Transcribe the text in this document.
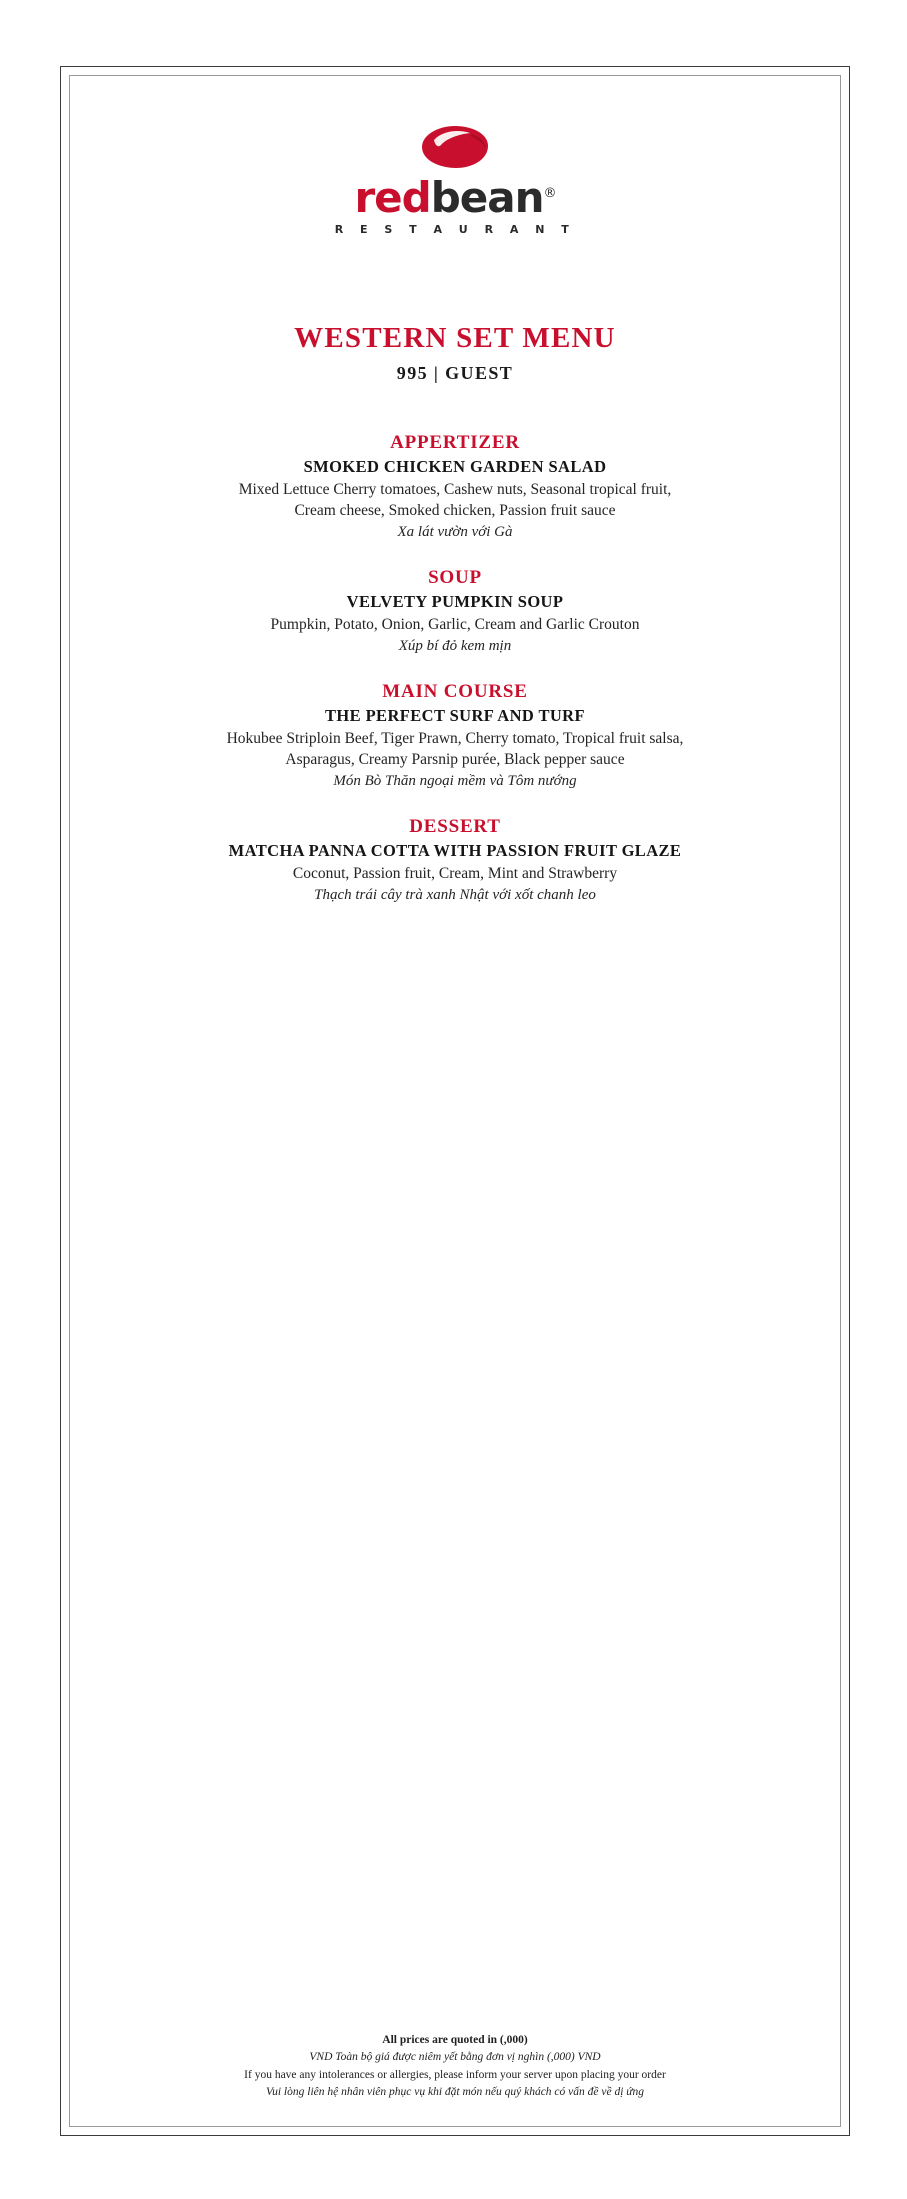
redbean®
R E S T A U R A N T
WESTERN SET MENU
995 | GUEST
APPERTIZER
SMOKED CHICKEN GARDEN SALAD
Mixed Lettuce Cherry tomatoes, Cashew nuts, Seasonal tropical fruit,
Cream cheese, Smoked chicken, Passion fruit sauce
Xa lát vườn với Gà
SOUP
VELVETY PUMPKIN SOUP
Pumpkin, Potato, Onion, Garlic, Cream and Garlic Crouton
Xúp bí đỏ kem mịn
MAIN COURSE
THE PERFECT SURF AND TURF
Hokubee Striploin Beef, Tiger Prawn, Cherry tomato, Tropical fruit salsa,
Asparagus, Creamy Parsnip purée, Black pepper sauce
Món Bò Thăn ngoại mềm và Tôm nướng
DESSERT
MATCHA PANNA COTTA WITH PASSION FRUIT GLAZE
Coconut, Passion fruit, Cream, Mint and Strawberry
Thạch trái cây trà xanh Nhật với xốt chanh leo
All prices are quoted in (,000)
VND Toàn bộ giá được niêm yết bằng đơn vị nghìn (,000) VND
If you have any intolerances or allergies, please inform your server upon placing your order
Vui lòng liên hệ nhân viên phục vụ khi đặt món nếu quý khách có vấn đề về dị ứng
